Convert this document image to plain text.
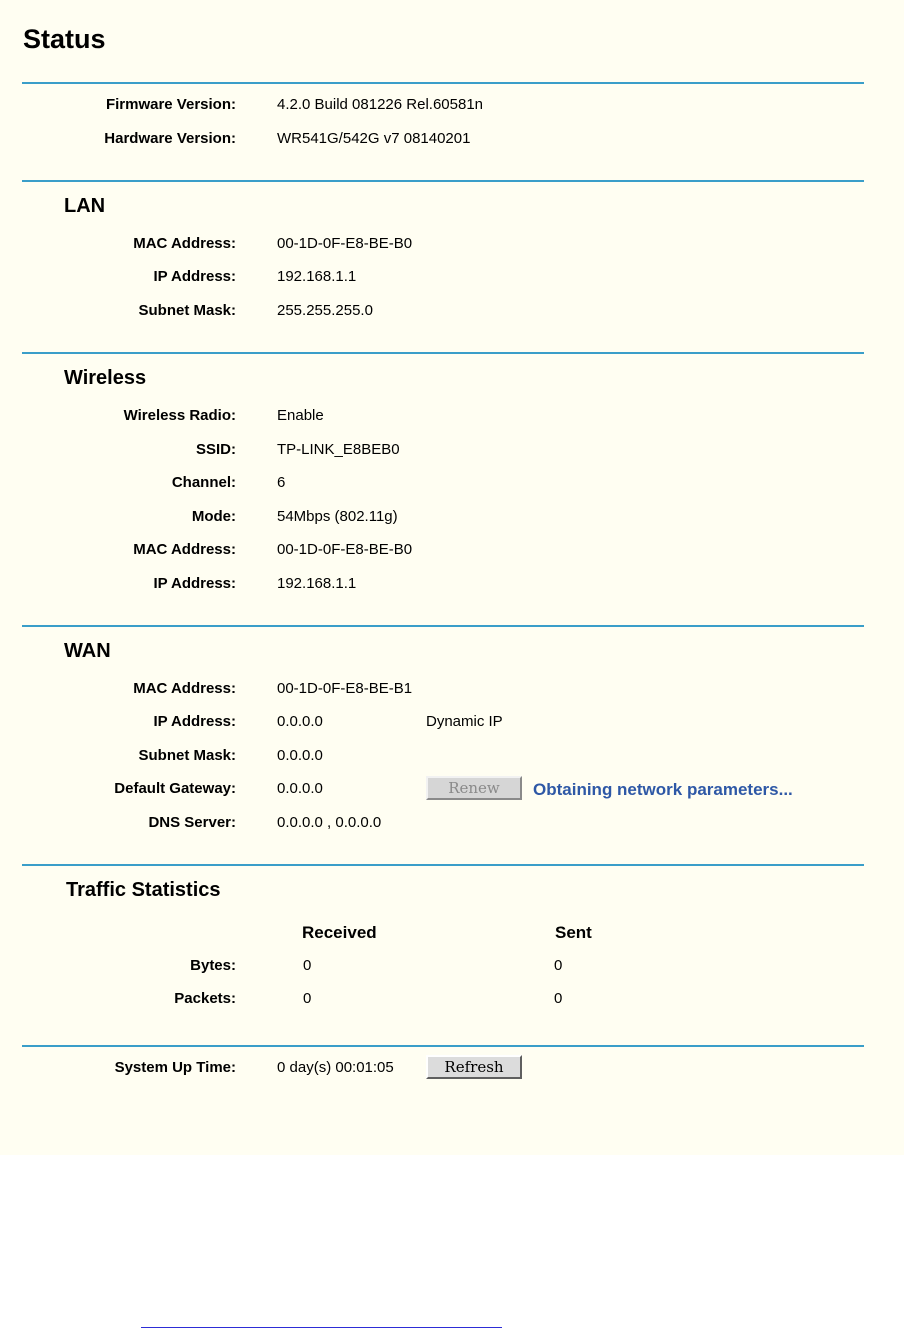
Status
Firmware Version:	4.2.0 Build 081226 Rel.60581n
Hardware Version:	WR541G/542G v7 08140201
LAN
MAC Address:	00-1D-0F-E8-BE-B0
IP Address:	192.168.1.1
Subnet Mask:	255.255.255.0
Wireless
Wireless Radio:	Enable
SSID:	TP-LINK_E8BEB0
Channel:	6
Mode:	54Mbps (802.11g)
MAC Address:	00-1D-0F-E8-BE-B0
IP Address:	192.168.1.1
WAN
MAC Address:	00-1D-0F-E8-BE-B1
IP Address:	0.0.0.0	Dynamic IP
Subnet Mask:	0.0.0.0
Default Gateway:	0.0.0.0	Renew	Obtaining network parameters...
DNS Server:	0.0.0.0 , 0.0.0.0
Traffic Statistics
Received	Sent
Bytes:	0	0
Packets:	0	0
System Up Time:	0 day(s) 00:01:05	Refresh
